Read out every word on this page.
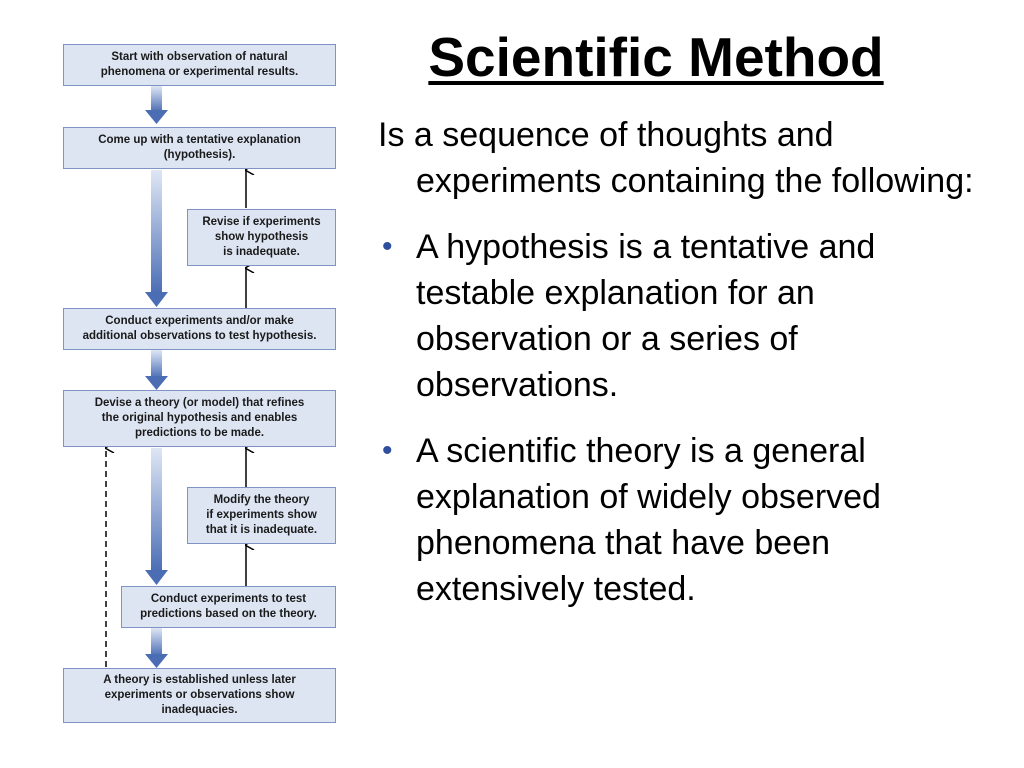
Start with observation of natural
phenomena or experimental results.
Come up with a tentative explanation
(hypothesis).
Revise if experiments
show hypothesis
is inadequate.
Conduct experiments and/or make
additional observations to test hypothesis.
Devise a theory (or model) that refines
the original hypothesis and enables
predictions to be made.
Modify the theory
if experiments show
that it is inadequate.
Conduct experiments to test
predictions based on the theory.
A theory is established unless later
experiments or observations show
inadequacies.
Scientific Method

Is a sequence of thoughts and experiments containing the following:

• A hypothesis is a tentative and testable explanation for an observation or a series of observations.
• A scientific theory is a general explanation of widely observed phenomena that have been extensively tested.
